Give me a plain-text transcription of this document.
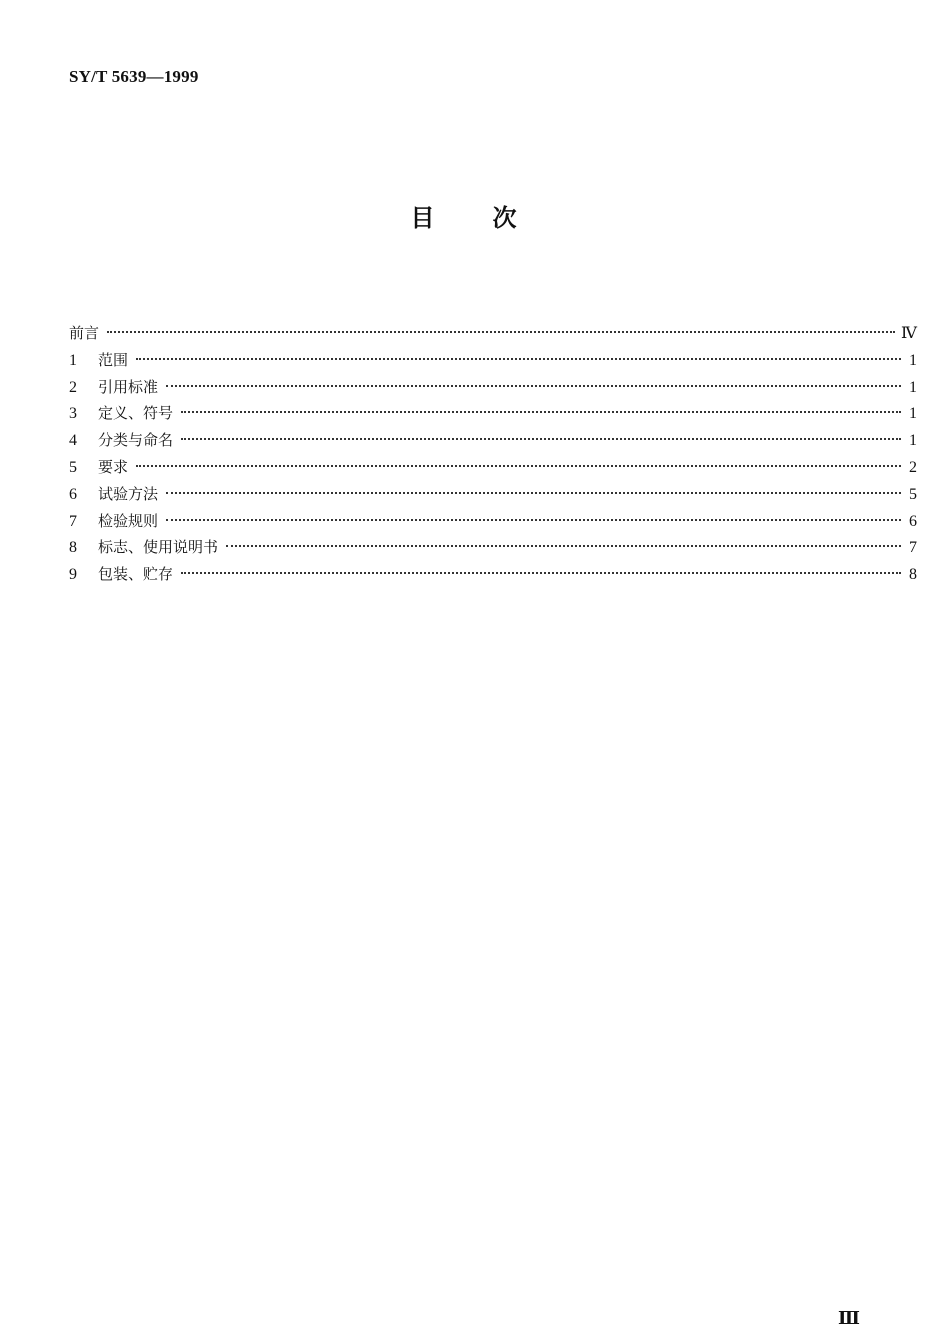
SY/T 5639—1999
目次
前言	Ⅳ
1	范围	1
2	引用标准	1
3	定义、符号	1
4	分类与命名	1
5	要求	2
6	试验方法	5
7	检验规则	6
8	标志、使用说明书	7
9	包装、贮存	8
Ⅲ
